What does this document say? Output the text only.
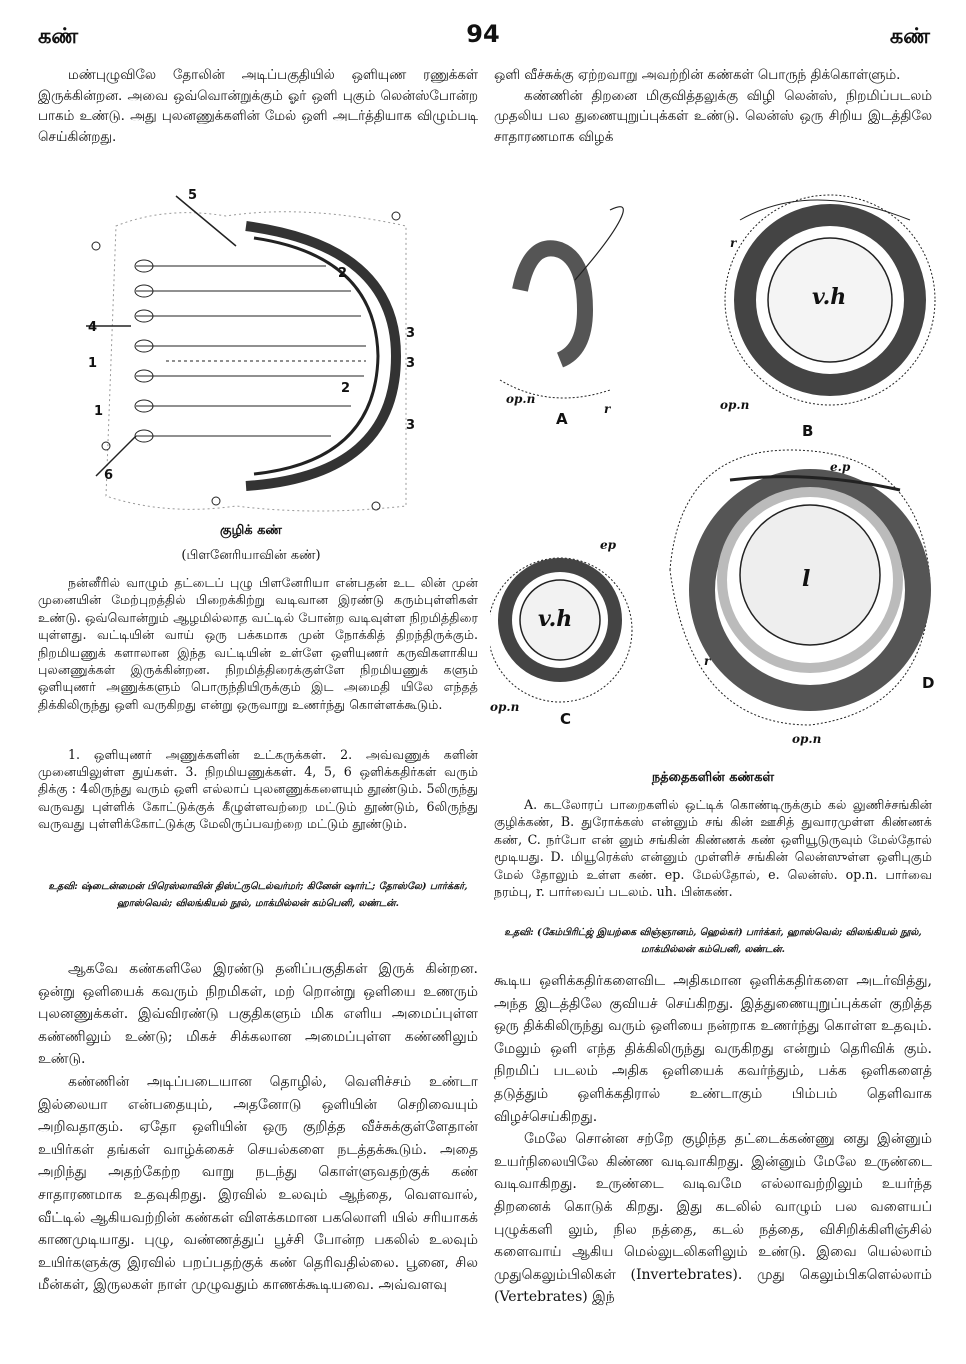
கண்	94	கண்

மண்புழுவிலே தோலின் அடிப்பகுதியில் ஒளியுண ரணுக்கள் இருக்கின்றன. அவை ஒவ்வொன்றுக்கும் ஓர் ஒளி புகும் லென்ஸ்போன்ற பாகம் உண்டு. அது புலனணுக்களின் மேல் ஒளி அடர்த்தியாக விழும்படி செய்கின்றது.

ஒளி வீச்சுக்கு ஏற்றவாறு அவற்றின் கண்கள் பொருந் திக்கொள்ளும்.

கண்ணின் திறனை மிகுவித்தலுக்கு விழி லென்ஸ், நிறமிப்படலம் முதலிய பல துணையுறுப்புக்கள் உண்டு. லென்ஸ் ஒரு சிறிய இடத்திலே சாதாரணமாக விழக்

5
2
4	3
1	3
2
1
3
6
குழிக் கண்
(பிளனேரியாவின் கண்)

நன்னீரில் வாழும் தட்டைப் புழு பிளனேரியா என்பதன் உட லின் முன் முனையின் மேற்புறத்தில் பிறைக்கிற்று வடிவான இரண்டு கரும்புள்ளிகள் உண்டு. ஒவ்வொன்றும் ஆழமில்லாத வட்டில் போன்ற வடிவுள்ள நிறமித்திரை யுள்ளது. வட்டியின் வாய் ஒரு பக்கமாக முன் நோக்கித் திறந்திருக்கும். நிறமியணுக் களாலான இந்த வட்டியின் உள்ளே ஒளியுணர் கருவிகளாகிய புலனணுக்கள் இருக்கின்றன. நிறமித்திரைக்குள்ளே நிறமியணுக் களும் ஒளியுணர் அணுக்களும் பொருந்தியிருக்கும் இட அமைதி யிலே எந்தத் திக்கிலிருந்து ஒளி வருகிறது என்று ஒருவாறு உணர்ந்து கொள்ளக்கூடும்.

1. ஒளியுணர் அணுக்களின் உட்கருக்கள். 2. அவ்வணுக் களின் முனையிலுள்ள துய்கள். 3. நிறமியணுக்கள். 4, 5, 6 ஒளிக்கதிர்கள் வரும் திக்கு : 4லிருந்து வரும் ஒளி எல்லாப் புலனணுக்களையும் தூண்டும். 5லிருந்து வருவது புள்ளிக் கோட்டுக்குக் கீழுள்ளவற்றை மட்டும் தூண்டும், 6லிருந்து வருவது புள்ளிக்கோட்டுக்கு மேலிருப்பவற்றை மட்டும் தூண்டும்.

உதவி: ஷ்டைன்மைன் பிரெஸ்லாவின் திஸ்ட்ருடெல்வர்மர்; கினேன் ஷார்ட்; தோஸ்லே) பார்க்கர், ஹாஸ்வெல்; விலங்கியல் நூல், மாக்மில்லன் கம்பெனி, லண்டன்.

op.n
r
A
r
v.h
op.n
B
ep
v.h
op.n
C
e.p
l
r
op.n
D
நத்தைகளின் கண்கள்

A. கடலோரப் பாறைகளில் ஒட்டிக் கொண்டிருக்கும் கல் லுணிச்சங்கின் குழிக்கண், B. துரோக்கஸ் என்னும் சங் கின் ஊசித் துவாரமுள்ள கிண்ணக் கண், C. நர்போ என் னும் சங்கின் கிண்ணக் கண் ஒளியூடுருவும் மேல்தோல் மூடியது. D. மியூரெக்ஸ் என்னும் முள்ளிச் சங்கின் லென்ஸுள்ள ஒளிபுகும் மேல் தோலும் உள்ள கண். ep. மேல்தோல், e. லென்ஸ். op.n. பார்வை நரம்பு, r. பார்வைப் படலம். uh. பின்கண்.

உதவி: (கேம்பிரிட்ஜ் இயற்கை விஞ்ஞானம், ஹெல்கர்) பார்க்கர், ஹாஸ்வெல்; விலங்கியல் நூல், மாக்மில்லன் கம்பெனி, லண்டன்.

ஆகவே கண்களிலே இரண்டு தனிப்பகுதிகள் இருக் கின்றன. ஒன்று ஒளியைக் கவரும் நிறமிகள், மற் றொன்று ஒளியை உணரும் புலனணுக்கள். இவ்விரண்டு பகுதிகளும் மிக எளிய அமைப்புள்ள கண்ணிலும் உண்டு; மிகச் சிக்கலான அமைப்புள்ள கண்ணிலும் உண்டு.

கண்ணின் அடிப்படையான தொழில், வெளிச்சம் உண்டா இல்லையா என்பதையும், அதனோடு ஒளியின் செறிவையும் அறிவதாகும். ஏதோ ஒளியின் ஒரு குறித்த வீச்சுக்குள்ளேதான் உயிர்கள் தங்கள் வாழ்க்கைச் செயல்களை நடத்தக்கூடும். அதை அறிந்து அதற்கேற்ற வாறு நடந்து கொள்ளுவதற்குக் கண் சாதாரணமாக உதவுகிறது. இரவில் உலவும் ஆந்தை, வௌவால், வீட்டில் ஆகியவற்றின் கண்கள் விளக்கமான பகலொளி யில் சரியாகக் காணமுடியாது. புழு, வண்ணத்துப் பூச்சி போன்ற பகலில் உலவும் உயிர்களுக்கு இரவில் பறப்பதற்குக் கண் தெரிவதில்லை. பூனை, சில மீன்கள், இருலகள் நாள் முழுவதும் காணக்கூடியவை. அவ்வளவு

கூடிய ஒளிக்கதிர்களைவிட அதிகமான ஒளிக்கதிர்களை அடர்வித்து, அந்த இடத்திலே குவியச் செய்கிறது. இத்துணையுறுப்புக்கள் குறித்த ஒரு திக்கிலிருந்து வரும் ஒளியை நன்றாக உணர்ந்து கொள்ள உதவும். மேலும் ஒளி எந்த திக்கிலிருந்து வருகிறது என்றும் தெரிவிக் கும். நிறமிப் படலம் அதிக ஒளியைக் கவர்ந்தும், பக்க ஒளிகளைத் தடுத்தும் ஒளிக்கதிரால் உண்டாகும் பிம்பம் தெளிவாக விழச்செய்கிறது.

மேலே சொன்ன சற்றே குழிந்த தட்டைக்கண்ணு னது இன்னும் உயர்நிலையிலே கிண்ண வடிவாகிறது. இன்னும் மேலே உருண்டை வடிவாகிறது. உருண்டை வடிவமே எல்லாவற்றிலும் உயர்ந்த திறனைக் கொடுக் கிறது. இது கடலில் வாழும் பல வளையப் புழுக்களி லும், நில நத்தை, கடல் நத்தை, விசிறிக்கிளிஞ்சில் களைவாய் ஆகிய மெல்லுடலிகளிலும் உண்டு. இவை யெல்லாம் முதுகெலும்பிலிகள் (Invertebrates). முது கெலும்பிகளெல்லாம் (Vertebrates) இந்
